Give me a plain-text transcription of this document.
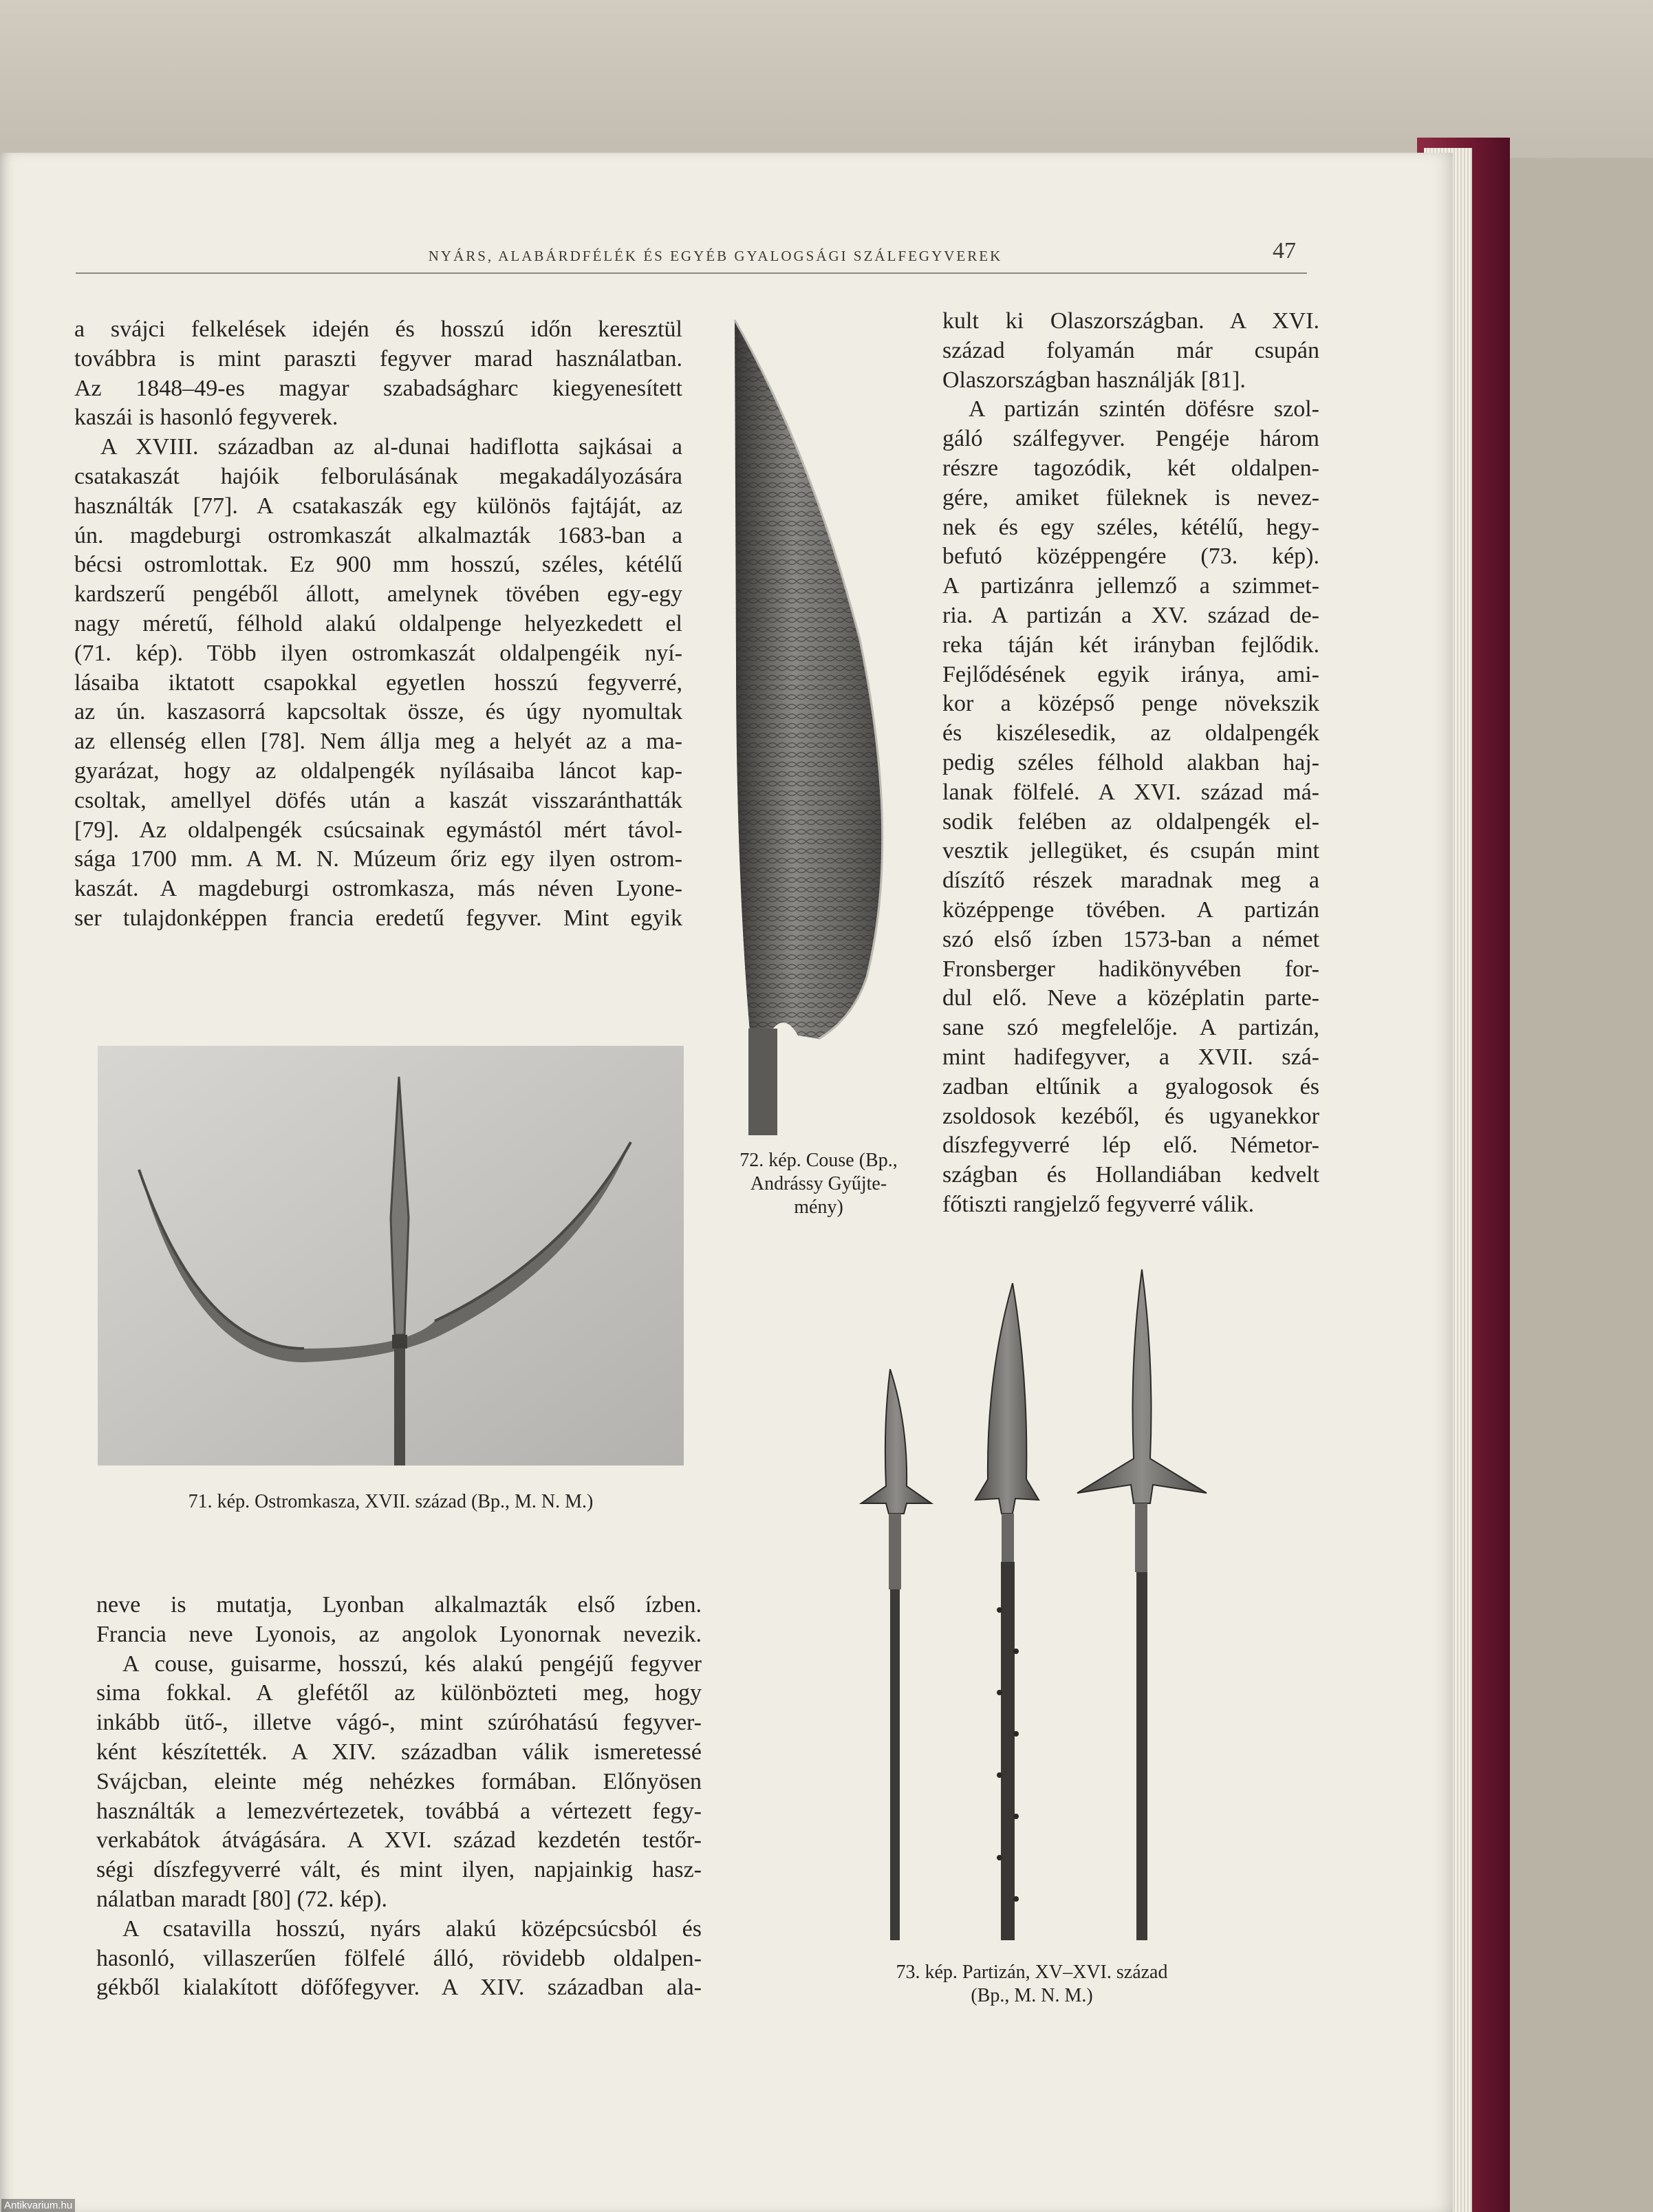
NYÁRS, ALABÁRDFÉLÉK ÉS EGYÉB GYALOGSÁGI SZÁLFEGYVEREK	47

a svájci felkelések idején és hosszú időn keresztül

továbbra is mint paraszti fegyver marad használatban.

Az 1848–49-es magyar szabadságharc kiegyenesített

kaszái is hasonló fegyverek.

A XVIII. században az al-dunai hadiflotta sajkásai a

csatakaszát hajóik felborulásának megakadályozására

használták [77]. A csatakaszák egy különös fajtáját, az

ún. magdeburgi ostromkaszát alkalmazták 1683-ban a

bécsi ostromlottak. Ez 900 mm hosszú, széles, kétélű

kardszerű pengéből állott, amelynek tövében egy-egy

nagy méretű, félhold alakú oldalpenge helyezkedett el

(71. kép). Több ilyen ostromkaszát oldalpengéik nyí-

lásaiba iktatott csapokkal egyetlen hosszú fegyverré,

az ún. kaszasorrá kapcsoltak össze, és úgy nyomultak

az ellenség ellen [78]. Nem állja meg a helyét az a ma-

gyarázat, hogy az oldalpengék nyílásaiba láncot kap-

csoltak, amellyel döfés után a kaszát visszaránthatták

[79]. Az oldalpengék csúcsainak egymástól mért távol-

sága 1700 mm. A M. N. Múzeum őriz egy ilyen ostrom-

kaszát. A magdeburgi ostromkasza, más néven Lyone-

ser tulajdonképpen francia eredetű fegyver. Mint egyik

71. kép. Ostromkasza, XVII. század (Bp., M. N. M.)

neve is mutatja, Lyonban alkalmazták első ízben.

Francia neve Lyonois, az angolok Lyonornak nevezik.

A couse, guisarme, hosszú, kés alakú pengéjű fegyver

sima fokkal. A glefétől az különbözteti meg, hogy

inkább ütő-, illetve vágó-, mint szúróhatású fegyver-

ként készítették. A XIV. században válik ismeretessé

Svájcban, eleinte még nehézkes formában. Előnyösen

használták a lemezvértezetek, továbbá a vértezett fegy-

verkabátok átvágására. A XVI. század kezdetén testőr-

ségi díszfegyverré vált, és mint ilyen, napjainkig hasz-

nálatban maradt [80] (72. kép).

A csatavilla hosszú, nyárs alakú középcsúcsból és

hasonló, villaszerűen fölfelé álló, rövidebb oldalpen-

gékből kialakított döfőfegyver. A XIV. században ala-

72. kép. Couse (Bp.,
Andrássy Gyűjte-
mény)

kult ki Olaszországban. A XVI.

század folyamán már csupán

Olaszországban használják [81].

A partizán szintén döfésre szol-

gáló szálfegyver. Pengéje három

részre tagozódik, két oldalpen-

gére, amiket füleknek is nevez-

nek és egy széles, kétélű, hegy-

befutó középpengére (73. kép).

A partizánra jellemző a szimmet-

ria. A partizán a XV. század de-

reka táján két irányban fejlődik.

Fejlődésének egyik iránya, ami-

kor a középső penge növekszik

és kiszélesedik, az oldalpengék

pedig széles félhold alakban haj-

lanak fölfelé. A XVI. század má-

sodik felében az oldalpengék el-

vesztik jellegüket, és csupán mint

díszítő részek maradnak meg a

középpenge tövében. A partizán

szó első ízben 1573-ban a német

Fronsberger hadikönyvében for-

dul elő. Neve a középlatin parte-

sane szó megfelelője. A partizán,

mint hadifegyver, a XVII. szá-

zadban eltűnik a gyalogosok és

zsoldosok kezéből, és ugyanekkor

díszfegyverré lép elő. Németor-

szágban és Hollandiában kedvelt

főtiszti rangjelző fegyverré válik.

73. kép. Partizán, XV–XVI. század
(Bp., M. N. M.)
Antikvarium.hu
